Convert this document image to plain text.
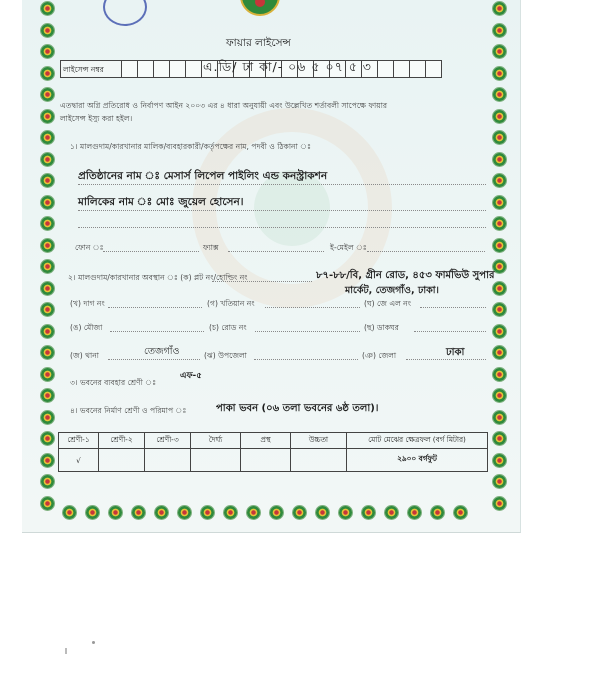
ফায়ার লাইসেন্স
লাইসেন্স নম্বর	এ.ডি/ ঢা কা/- ০৬ ৫ ০৭ ৫ ৩
এতদ্বারা অগ্নি প্রতিরোধ ও নির্বাপণ আইন ২০০৩ এর ৪ ধারা অনুযায়ী এবং উল্লেখিত শর্তাবলী সাপেক্ষে ফায়ার
লাইসেন্স ইস্যু করা হইল।
১। মালগুদাম/কারখানার মালিক/ব্যবহারকারী/কর্তৃপক্ষের নাম, পদবী ও ঠিকানা ঃ
প্রতিষ্ঠানের নাম ঃ মেসার্স লিপেল পাইলিং এন্ড কনস্ট্রাকশন
মালিকের নাম ঃ মোঃ জুয়েল হোসেন।
ফোন ঃ	ফ্যাক্স	ই-মেইল ঃ
২। মালগুদাম/কারখানার অবস্থান ঃ (ক) প্লট নং/হোল্ডিং নং	৮৭-৮৮/বি, গ্রীন রোড, ৪৫৩ ফার্মভিউ সুপার
মার্কেট, তেজগাঁও, ঢাকা।
(খ) দাগ নং	(গ) খতিয়ান নং	(ঘ) জে এল নং
(ঙ) মৌজা	(চ) রোড নং	(ছ) ডাকঘর
(জ) থানা	তেজগাঁও	(ঝ) উপজেলা	(ঞ) জেলা	ঢাকা
৩। ভবনের ব্যবহার শ্রেণী ঃ
এফ-৫
৪। ভবনের নির্মাণ শ্রেণী ও পরিমাপ ঃ	পাকা ভবন (০৬ তলা ভবনের ৬ষ্ঠ তলা)।
শ্রেণী-১	শ্রেণী-২	শ্রেণী-৩	দৈর্ঘ্য	প্রস্থ	উচ্চতা	মোট মেঝের ক্ষেত্রফল (বর্গ মিটার)
√						২৯০০ বর্গফুট
